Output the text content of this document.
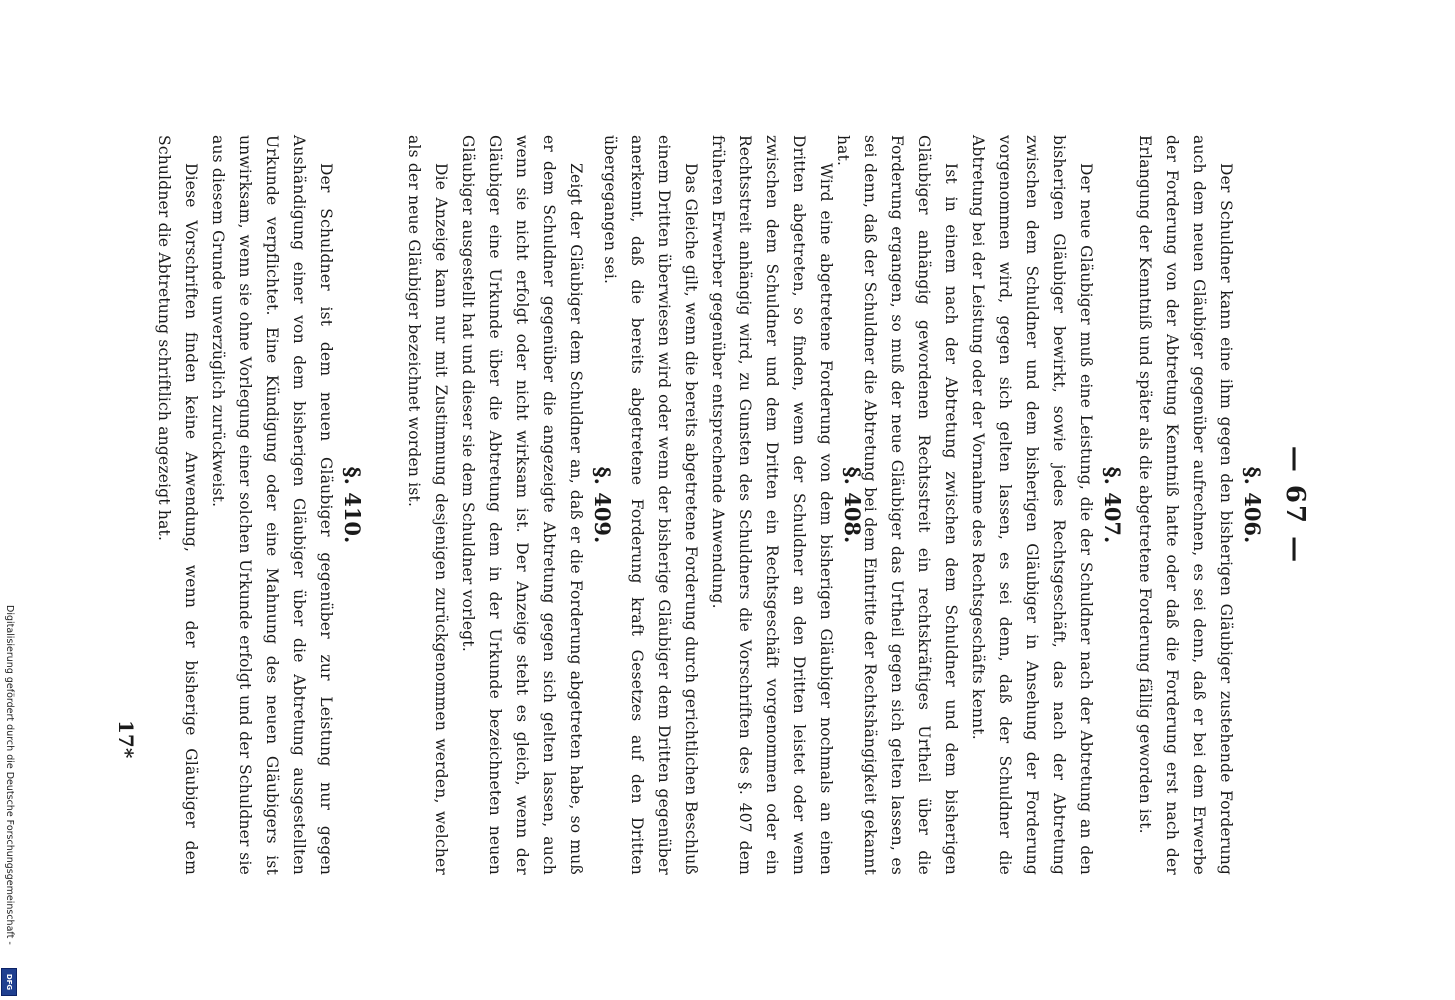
— 67 —

§. 406.

Der Schuldner kann eine ihm gegen den bisherigen Gläubiger zustehende Forderung auch dem neuen Gläubiger gegenüber aufrechnen, es sei denn, daß er bei dem Erwerbe der Forderung von der Abtretung Kenntniß hatte oder daß die Forderung erst nach der Erlangung der Kenntniß und später als die abgetretene Forderung fällig geworden ist.

§. 407.

Der neue Gläubiger muß eine Leistung, die der Schuldner nach der Abtretung an den bisherigen Gläubiger bewirkt, sowie jedes Rechtsgeschäft, das nach der Abtretung zwischen dem Schuldner und dem bisherigen Gläubiger in Ansehung der Forderung vorgenommen wird, gegen sich gelten lassen, es sei denn, daß der Schuldner die Abtretung bei der Leistung oder der Vornahme des Rechtsgeschäfts kennt.

Ist in einem nach der Abtretung zwischen dem Schuldner und dem bisherigen Gläubiger anhängig gewordenen Rechtsstreit ein rechtskräftiges Urtheil über die Forderung ergangen, so muß der neue Gläubiger das Urtheil gegen sich gelten lassen, es sei denn, daß der Schuldner die Abtretung bei dem Eintritte der Rechtshängigkeit gekannt hat.

§. 408.

Wird eine abgetretene Forderung von dem bisherigen Gläubiger nochmals an einen Dritten abgetreten, so finden, wenn der Schuldner an den Dritten leistet oder wenn zwischen dem Schuldner und dem Dritten ein Rechtsgeschäft vorgenommen oder ein Rechtsstreit anhängig wird, zu Gunsten des Schuldners die Vorschriften des §. 407 dem früheren Erwerber gegenüber entsprechende Anwendung.

Das Gleiche gilt, wenn die bereits abgetretene Forderung durch gerichtlichen Beschluß einem Dritten überwiesen wird oder wenn der bisherige Gläubiger dem Dritten gegenüber anerkennt, daß die bereits abgetretene Forderung kraft Gesetzes auf den Dritten übergegangen sei.

§. 409.

Zeigt der Gläubiger dem Schuldner an, daß er die Forderung abgetreten habe, so muß er dem Schuldner gegenüber die angezeigte Abtretung gegen sich gelten lassen, auch wenn sie nicht erfolgt oder nicht wirksam ist. Der Anzeige steht es gleich, wenn der Gläubiger eine Urkunde über die Abtretung dem in der Urkunde bezeichneten neuen Gläubiger ausgestellt hat und dieser sie dem Schuldner vorlegt.

Die Anzeige kann nur mit Zustimmung desjenigen zurückgenommen werden, welcher als der neue Gläubiger bezeichnet worden ist.

§. 410.

Der Schuldner ist dem neuen Gläubiger gegenüber zur Leistung nur gegen Aushändigung einer von dem bisherigen Gläubiger über die Abtretung ausgestellten Urkunde verpflichtet. Eine Kündigung oder eine Mahnung des neuen Gläubigers ist unwirksam, wenn sie ohne Vorlegung einer solchen Urkunde erfolgt und der Schuldner sie aus diesem Grunde unverzüglich zurückweist.

Diese Vorschriften finden keine Anwendung, wenn der bisherige Gläubiger dem Schuldner die Abtretung schriftlich angezeigt hat.

17*
Digitalisierung gefördert durch die Deutsche Forschungsgemeinschaft -
DFG
